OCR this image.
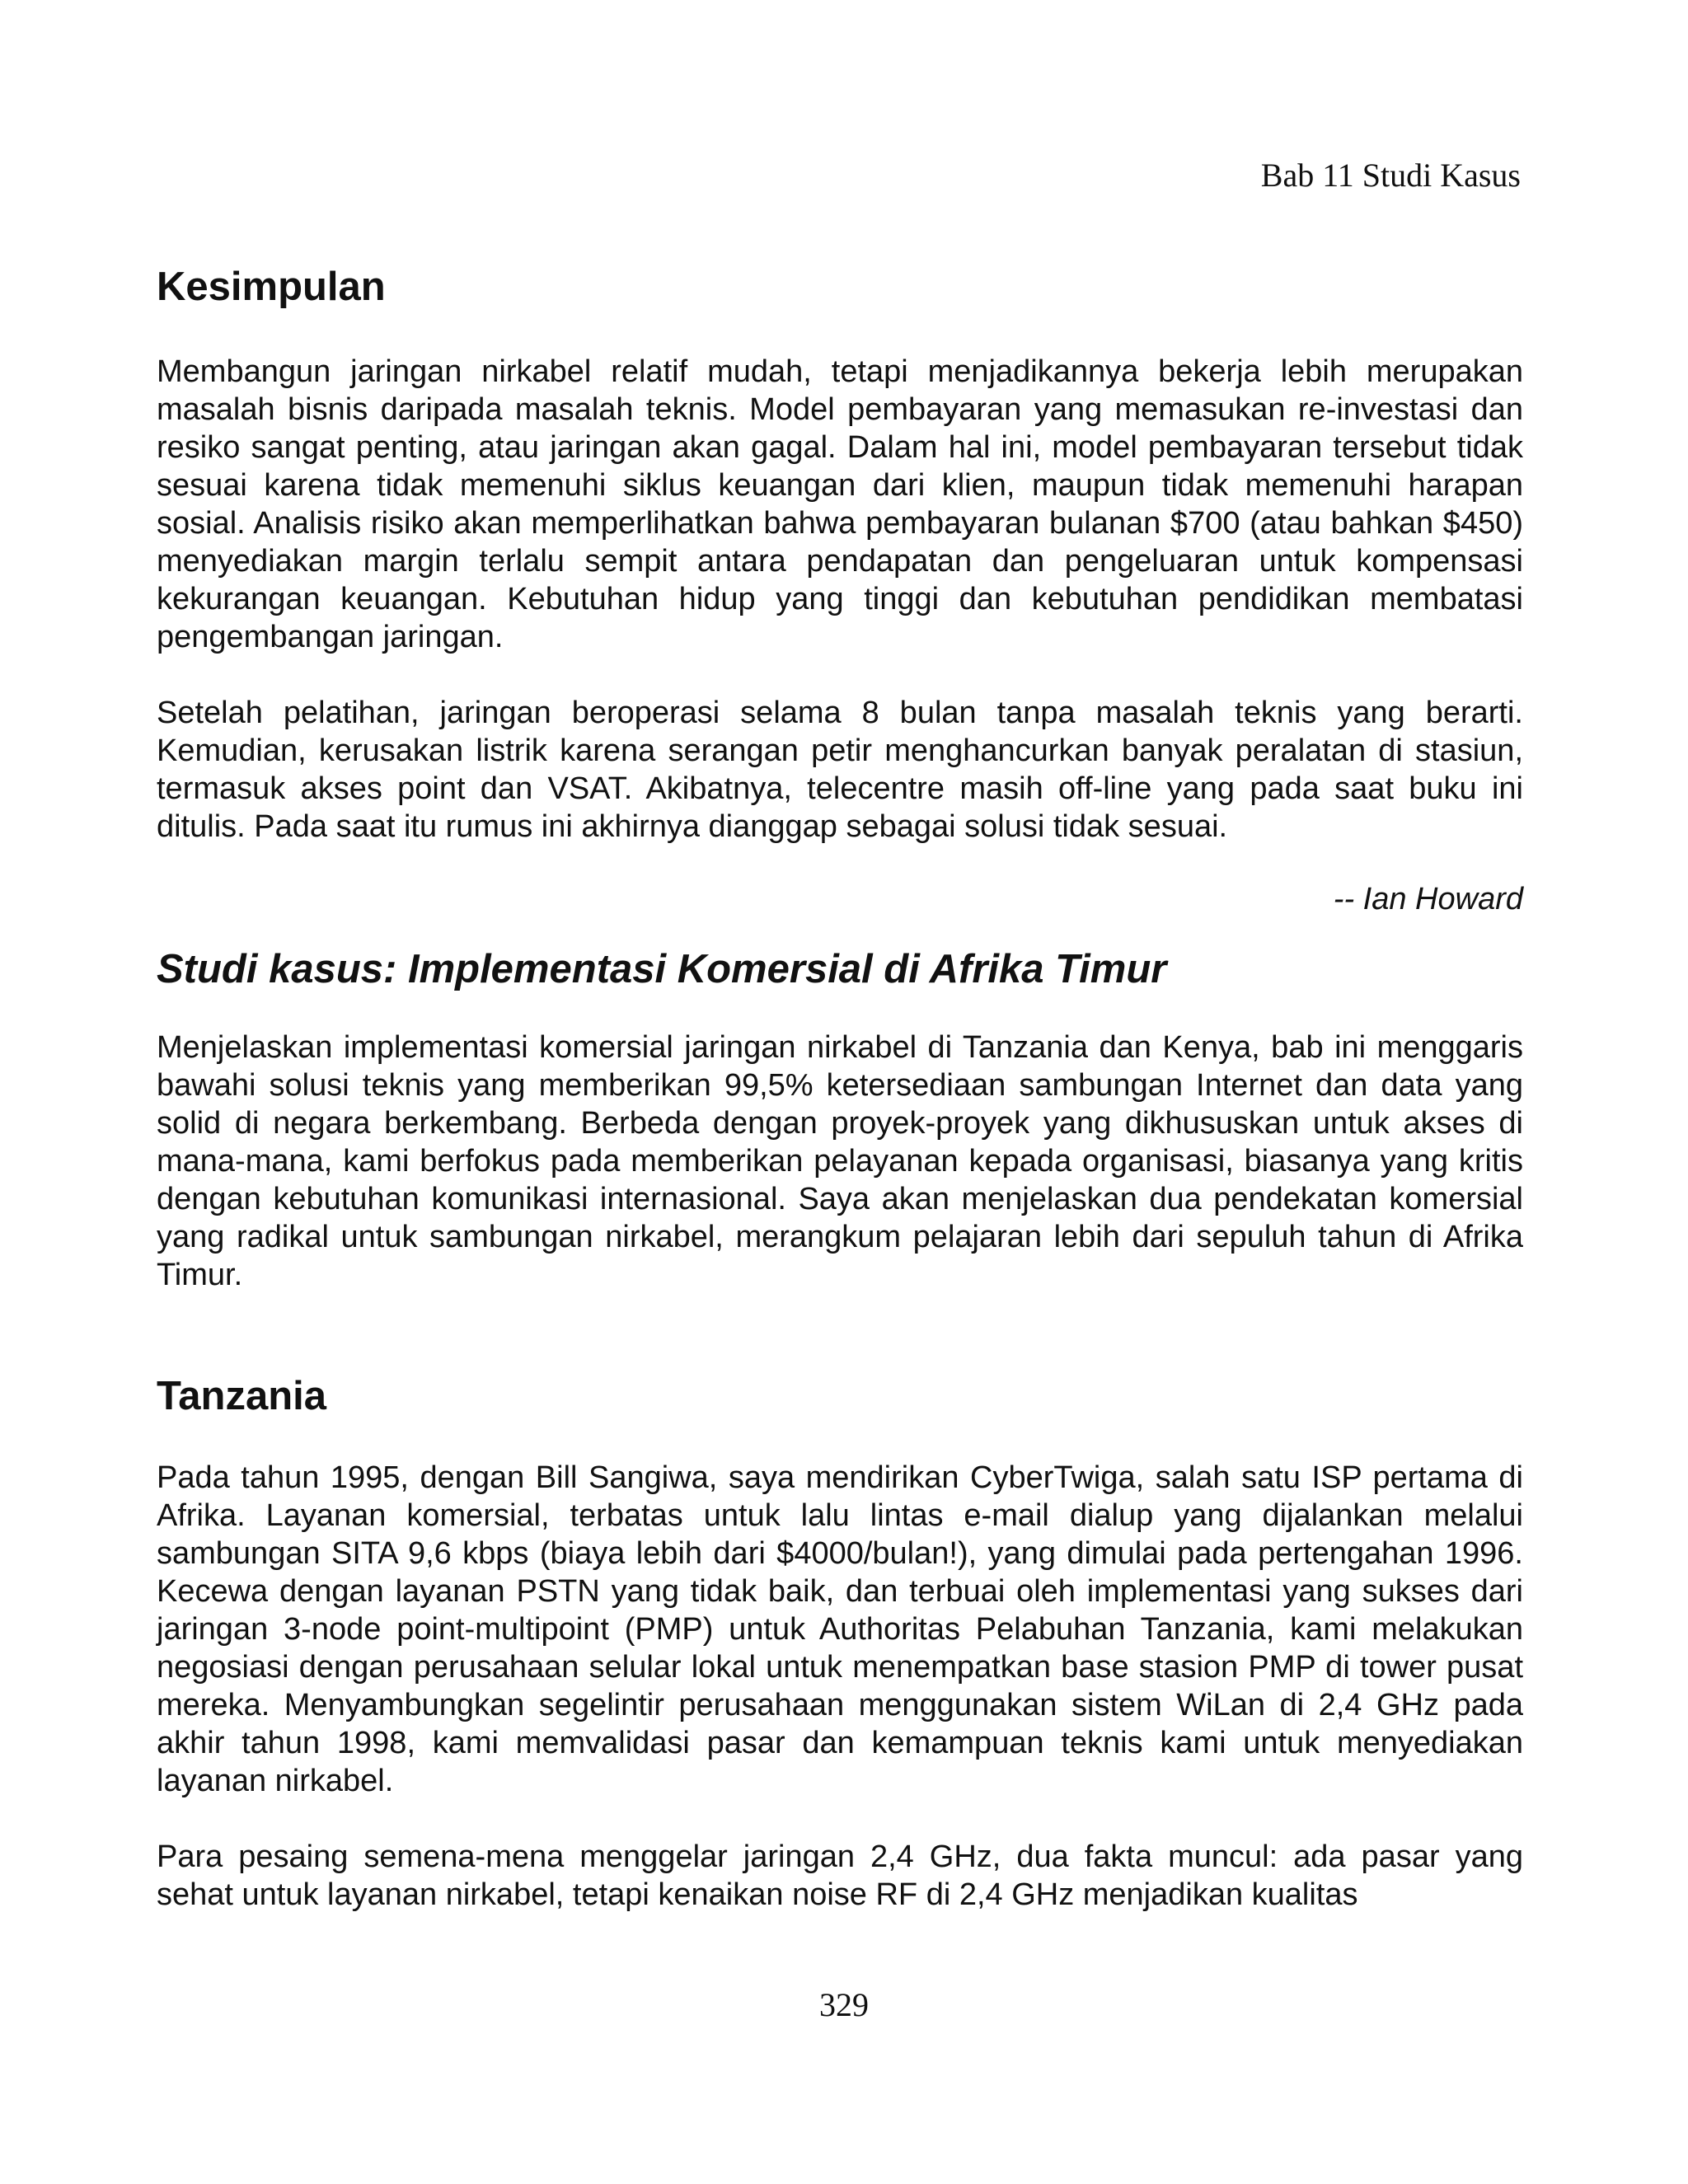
Bab 11 Studi Kasus
Kesimpulan

Membangun jaringan nirkabel relatif mudah, tetapi menjadikannya bekerja lebih merupakan masalah bisnis daripada masalah teknis. Model pembayaran yang memasukan re-investasi dan resiko sangat penting, atau jaringan akan gagal. Dalam hal ini, model pembayaran tersebut tidak sesuai karena tidak memenuhi siklus keuangan dari klien, maupun tidak memenuhi harapan sosial. Analisis risiko akan memperlihatkan bahwa pembayaran bulanan $700 (atau bahkan $450) menyediakan margin terlalu sempit antara pendapatan dan pengeluaran untuk kompensasi kekurangan keuangan. Kebutuhan hidup yang tinggi dan kebutuhan pendidikan membatasi pengembangan jaringan.

Setelah pelatihan, jaringan beroperasi selama 8 bulan tanpa masalah teknis yang berarti. Kemudian, kerusakan listrik karena serangan petir menghancurkan banyak peralatan di stasiun, termasuk akses point dan VSAT. Akibatnya, telecentre masih off-line yang pada saat buku ini ditulis. Pada saat itu rumus ini akhirnya dianggap sebagai solusi tidak sesuai.

-- Ian Howard

Studi kasus: Implementasi Komersial di Afrika Timur

Menjelaskan implementasi komersial jaringan nirkabel di Tanzania dan Kenya, bab ini menggaris bawahi solusi teknis yang memberikan 99,5% ketersediaan sambungan Internet dan data yang solid di negara berkembang. Berbeda dengan proyek-proyek yang dikhususkan untuk akses di mana-mana, kami berfokus pada memberikan pelayanan kepada organisasi, biasanya yang kritis dengan kebutuhan komunikasi internasional. Saya akan menjelaskan dua pendekatan komersial yang radikal untuk sambungan nirkabel, merangkum pelajaran lebih dari sepuluh tahun di Afrika Timur.

Tanzania

Pada tahun 1995, dengan Bill Sangiwa, saya mendirikan CyberTwiga, salah satu ISP pertama di Afrika. Layanan komersial, terbatas untuk lalu lintas e-mail dialup yang dijalankan melalui sambungan SITA 9,6 kbps (biaya lebih dari $4000/bulan!), yang dimulai pada pertengahan 1996. Kecewa dengan layanan PSTN yang tidak baik, dan terbuai oleh implementasi yang sukses dari jaringan 3-node point-multipoint (PMP) untuk Authoritas Pelabuhan Tanzania, kami melakukan negosiasi dengan perusahaan selular lokal untuk menempatkan base stasion PMP di tower pusat mereka. Menyambungkan segelintir perusahaan menggunakan sistem WiLan di 2,4 GHz pada akhir tahun 1998, kami memvalidasi pasar dan kemampuan teknis kami untuk menyediakan layanan nirkabel.

Para pesaing semena-mena menggelar jaringan 2,4 GHz, dua fakta muncul: ada pasar yang sehat untuk layanan nirkabel, tetapi kenaikan noise RF di 2,4 GHz menjadikan kualitas

329
